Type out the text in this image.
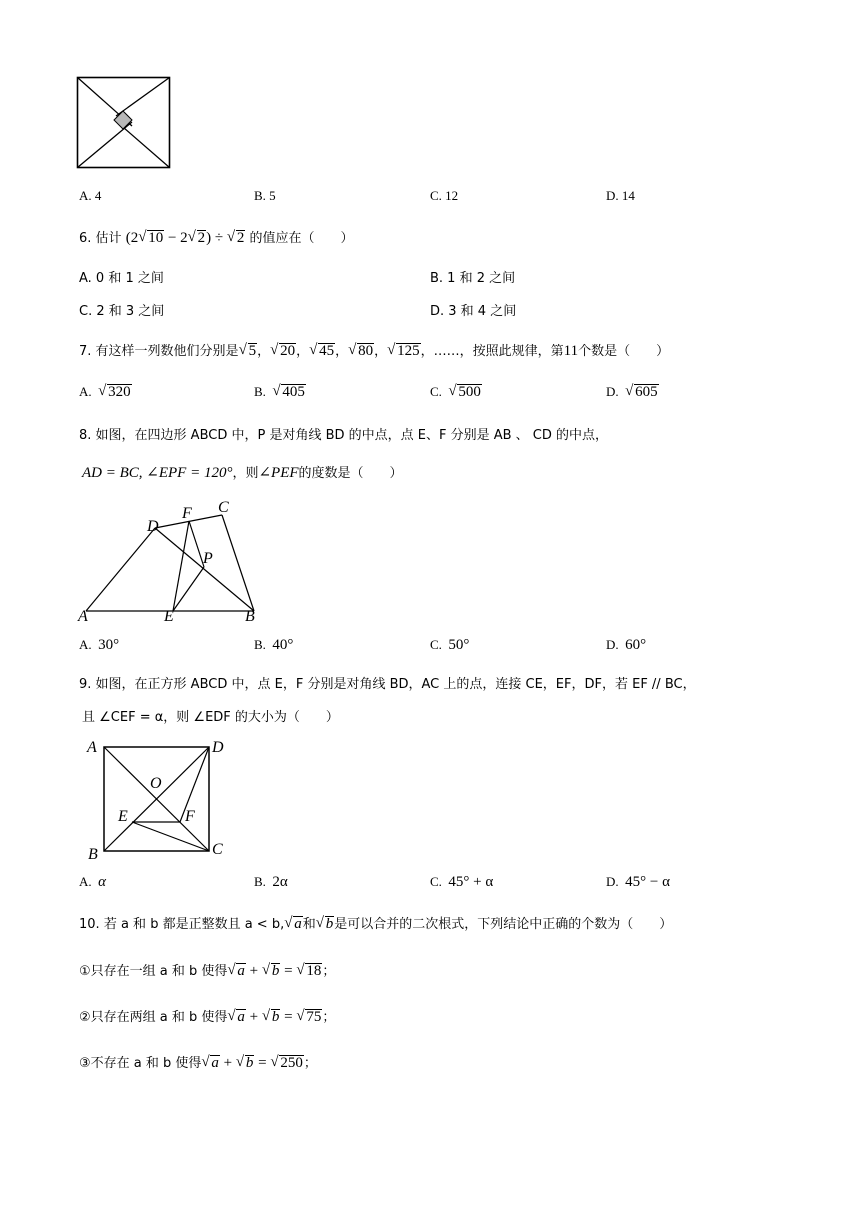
A. 4	B. 5	C. 12	D. 14
6. 估计 (2 √ 10 − 2 √ 2) ÷ √ 2 的值应在（　　）
A. 0 和 1 之间	B. 1 和 2 之间
C. 2 和 3 之间	D. 3 和 4 之间
7. 有这样一列数他们分别是 √ 5， √ 20， √ 45， √ 80， √ 125，……，按照此规律，第11个数是（　　）
A. √ 320	B. √ 405	C. √ 500	D. √ 605
8. 如图，在四边形 ABCD 中，P 是对角线 BD 的中点，点 E、F 分别是 AB 、 CD 的中点，
AD = BC, ∠EPF = 120°，则∠PEF的度数是（　　）
D
F C
P
A	E	B
A. 30°	B. 40°	C. 50°	D. 60°
9. 如图，在正方形 ABCD 中，点 E，F 分别是对角线 BD，AC 上的点，连接 CE，EF，DF，若 EF // BC，
且 ∠CEF = α，则 ∠EDF 的大小为（　　）
A	D
O
E	F
B	C
A. α	B. 2α	C. 45° + α	D. 45° − α
10. 若 a 和 b 都是正整数且 a < b, √ a和 √ b是可以合并的二次根式，下列结论中正确的个数为（　　）
①只存在一组 a 和 b 使得 √ a + √ b = √ 18；
②只存在两组 a 和 b 使得 √ a + √ b = √ 75；
③不存在 a 和 b 使得 √ a + √ b = √ 250；
